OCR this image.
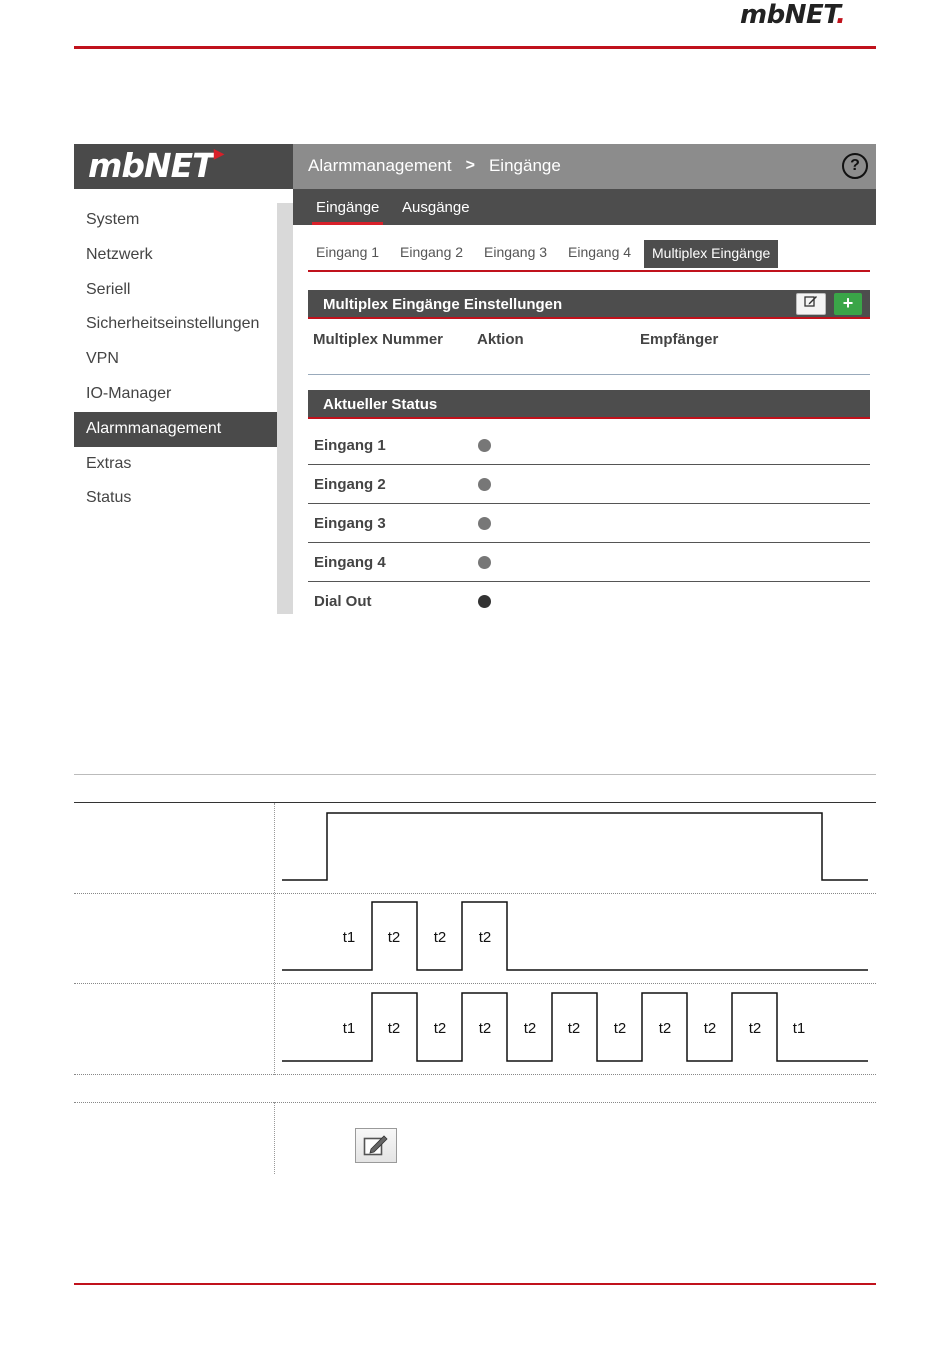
mbNET.
mbNET▶
Alarmmanagement > Eingänge	?
System
Netzwerk
Seriell
Sicherheitseinstellungen
VPN
IO-Manager
Alarmmanagement
Extras
Status
Eingänge Ausgänge
Eingang 1 Eingang 2 Eingang 3 Eingang 4	Multiplex Eingänge
Multiplex Eingänge Einstellungen	+
Multiplex Nummer Aktion	Empfänger
Aktueller Status
Eingang 1
Eingang 2
Eingang 3
Eingang 4
Dial Out
t1 t2 t2 t2
t1 t2 t2 t2 t2 t2 t2 t2 t2 t2 t1
